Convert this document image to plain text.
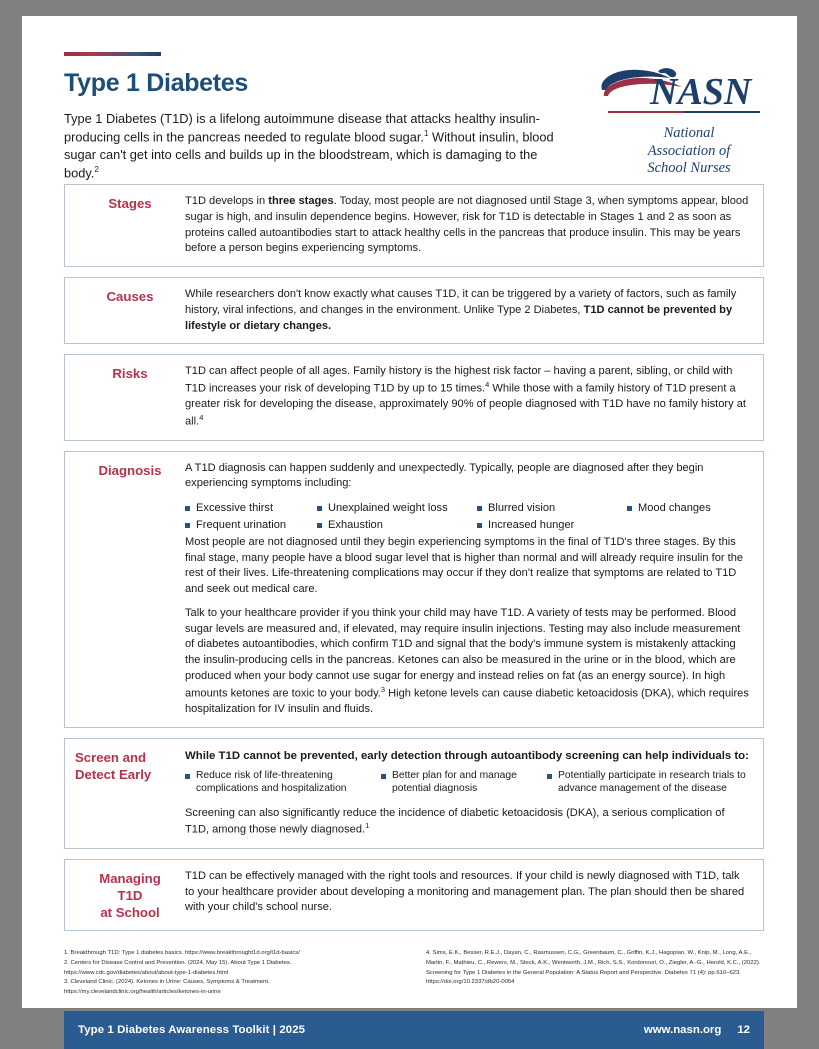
Type 1 Diabetes
Type 1 Diabetes (T1D) is a lifelong autoimmune disease that attacks healthy insulin-producing cells in the pancreas needed to regulate blood sugar.$^1$ Without insulin, blood sugar can't get into cells and builds up in the bloodstream, which is damaging to the body.$^2$
NASN
National
Association of
School Nurses
Stages	T1D develops in three stages. Today, most people are not diagnosed until Stage 3, when symptoms appear, blood sugar is high, and insulin dependence begins. However, risk for T1D is detectable in Stages 1 and 2 as soon as proteins called autoantibodies start to attack healthy cells in the pancreas that produce insulin. This may be years before a person begins experiencing symptoms.

Causes	While researchers don't know exactly what causes T1D, it can be triggered by a variety of factors, such as family history, viral infections, and changes in the environment. Unlike Type 2 Diabetes, T1D cannot be prevented by lifestyle or dietary changes.

Risks	T1D can affect people of all ages. Family history is the highest risk factor – having a parent, sibling, or child with T1D increases your risk of developing T1D by up to 15 times.$^4$ While those with a family history of T1D present a greater risk for developing the disease, approximately 90% of people diagnosed with T1D have no family history at all.$^4$

Diagnosis	A T1D diagnosis can happen suddenly and unexpectedly. Typically, people are diagnosed after they begin experiencing symptoms including:

Excessive thirst	Unexplained weight loss	Blurred vision	Mood changes
Frequent urination	Exhaustion	Increased hunger

Most people are not diagnosed until they begin experiencing symptoms in the final of T1D's three stages. By this final stage, many people have a blood sugar level that is higher than normal and will already require insulin for the rest of their lives. Life-threatening complications may occur if they don't realize that symptoms are related to T1D and seek out medical care.

Talk to your healthcare provider if you think your child may have T1D. A variety of tests may be performed. Blood sugar levels are measured and, if elevated, may require insulin injections. Testing may also include measurement of diabetes autoantibodies, which confirm T1D and signal that the body's immune system is mistakenly attacking the insulin-producing cells in the pancreas. Ketones can also be measured in the urine or in the blood, which are produced when your body cannot use sugar for energy and instead relies on fat (as an energy source). In high amounts ketones are toxic to your body.$^3$ High ketone levels can cause diabetic ketoacidosis (DKA), which requires hospitalization for IV insulin and fluids.

Screen and
Detect Early
While T1D cannot be prevented, early detection through autoantibody screening can help individuals to:
Reduce risk of life-threatening complications and hospitalization
Better plan for and manage potential diagnosis
Potentially participate in research trials to advance management of the disease

Screening can also significantly reduce the incidence of diabetic ketoacidosis (DKA), a serious complication of T1D, among those newly diagnosed.$^1$

Managing
T1D
at School

T1D can be effectively managed with the right tools and resources. If your child is newly diagnosed with T1D, talk to your healthcare provider about developing a monitoring and management plan. The plan should then be shared with your child's school nurse.

1. Breakthrough T1D: Type 1 diabetes basics. https://www.breakthrought1d.org/t1d-basics/
2. Centers for Disease Control and Prevention. (2024, May 15). About Type 1 Diabetes. https://www.cdc.gov/diabetes/about/about-type-1-diabetes.html
3. Cleveland Clinic. (2024). Ketones in Urine: Causes, Symptoms & Treatment. https://my.clevelandclinic.org/health/articles/ketones-in-urine
4. Sims, E.K., Besser, R.E.J., Dayan, C., Rasmussen, C.G., Greenbaum, C., Griffin, K.J., Hagopian, W., Knip, M., Long, A.E., Martin, F., Mathieu, C., Rewers, M., Steck, A.K., Wentworth, J.M., Rich, S.S., Kordonouri, O., Ziegler, A.-G., Herold, K.C., (2022). Screening for Type 1 Diabetes in the General Population: A Status Report and Perspective. Diabetes 71 (4): pp.610–623. https://doi.org/10.2337/db20-0054
Type 1 Diabetes Awareness Toolkit | 2025	www.nasn.org 12
